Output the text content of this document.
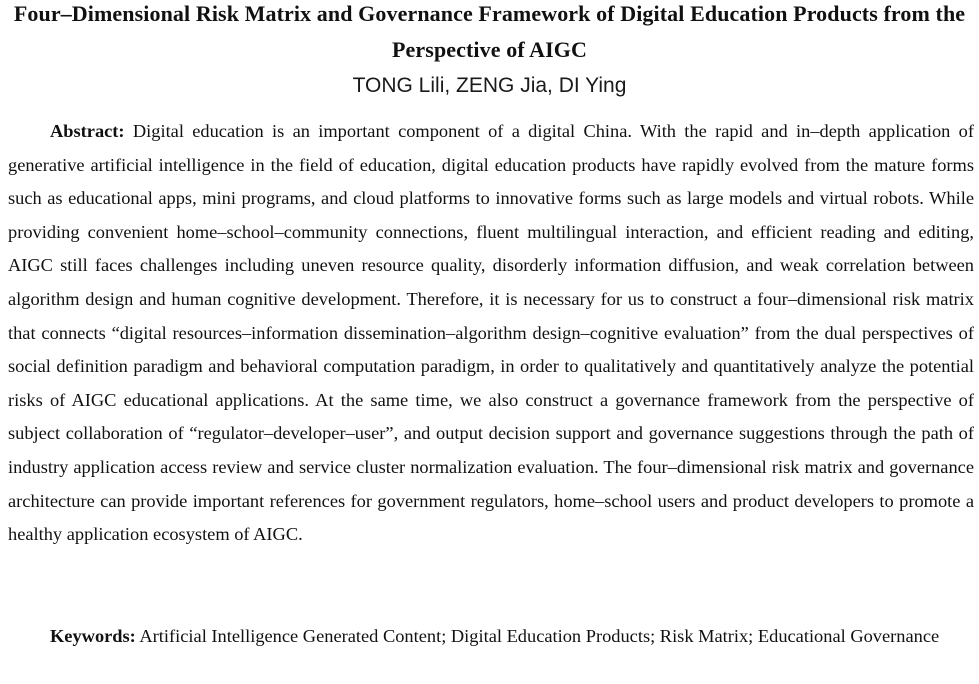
Four–Dimensional Risk Matrix and Governance Framework of Digital Education Products from the Perspective of AIGC
TONG Lili, ZENG Jia, DI Ying

Abstract: Digital education is an important component of a digital China. With the rapid and in–depth application of generative artificial intelligence in the field of education, digital education products have rapidly evolved from the mature forms such as educational apps, mini programs, and cloud platforms to innovative forms such as large models and virtual robots. While providing convenient home–school–community connections, fluent multilingual interaction, and efficient reading and editing, AIGC still faces challenges including uneven resource quality, disorderly information diffusion, and weak correlation between algorithm design and human cognitive development. Therefore, it is necessary for us to construct a four–dimensional risk matrix that connects “digital resources–information dissemination–algorithm design–cognitive evaluation” from the dual perspectives of social definition paradigm and behavioral computation paradigm, in order to qualitatively and quantitatively analyze the potential risks of AIGC educational applications. At the same time, we also construct a governance framework from the perspective of subject collaboration of “regulator–developer–user”, and output decision support and governance suggestions through the path of industry application access review and service cluster normalization evaluation. The four–dimensional risk matrix and governance architecture can provide important references for government regulators, home–school users and product developers to promote a healthy application ecosystem of AIGC.

Keywords: Artificial Intelligence Generated Content; Digital Education Products; Risk Matrix; Educational Governance
